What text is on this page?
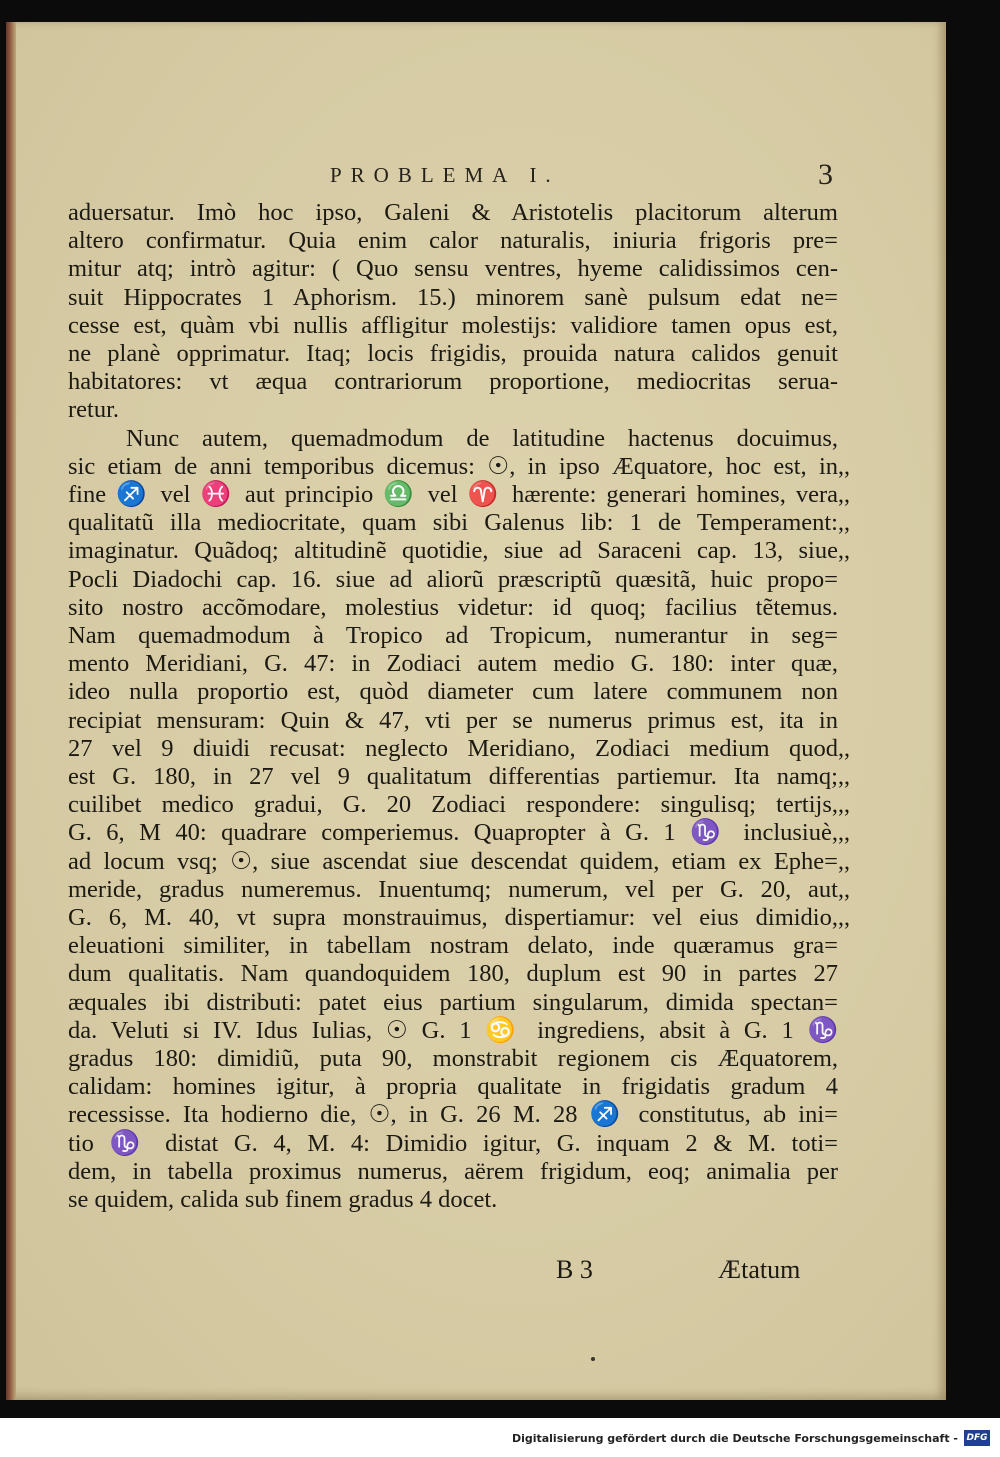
PROBLEMA I.	3
aduersatur. Imò hoc ipso, Galeni & Aristotelis placitorum alterum
altero confirmatur. Quia enim calor naturalis, iniuria frigoris pre=
mitur atq; intrò agitur: ( Quo sensu ventres, hyeme calidissimos cen-
suit Hippocrates 1 Aphorism. 15.) minorem sanè pulsum edat ne=
cesse est, quàm vbi nullis affligitur molestijs: validiore tamen opus est,
ne planè opprimatur. Itaq; locis frigidis, prouida natura calidos genuit
habitatores: vt æqua contrariorum proportione, mediocritas serua-
retur.
Nunc autem, quemadmodum de latitudine hactenus docuimus,
sic etiam de anni temporibus dicemus: ☉, in ipso Æquatore, hoc est, in ,,
fine ♐ vel ♓ aut principio ♎ vel ♈ hærente: generari homines, vera ,,
qualitatũ illa mediocritate, quam sibi Galenus lib: 1 de Temperament: ,,
imaginatur. Quãdoq; altitudinẽ quotidie, siue ad Saraceni cap. 13, siue ,,
Pocli Diadochi cap. 16. siue ad aliorũ præscriptũ quæsitã, huic propo=
sito nostro accõmodare, molestius videtur: id quoq; facilius tẽtemus.
Nam quemadmodum à Tropico ad Tropicum, numerantur in seg=
mento Meridiani, G. 47: in Zodiaci autem medio G. 180: inter quæ,
ideo nulla proportio est, quòd diameter cum latere communem non
recipiat mensuram: Quin & 47, vti per se numerus primus est, ita in
27 vel 9 diuidi recusat: neglecto Meridiano, Zodiaci medium quod ,,
est G. 180, in 27 vel 9 qualitatum differentias partiemur. Ita namq; ,,
cuilibet medico gradui, G. 20 Zodiaci respondere: singulisq; tertijs, ,,
G. 6, M 40: quadrare comperiemus. Quapropter à G. 1 ♑ inclusiuè, ,,
ad locum vsq; ☉, siue ascendat siue descendat quidem, etiam ex Ephe= ,,
meride, gradus numeremus. Inuentumq; numerum, vel per G. 20, aut ,,
G. 6, M. 40, vt supra monstrauimus, dispertiamur: vel eius dimidio, ,,
eleuationi similiter, in tabellam nostram delato, inde quæramus gra=
dum qualitatis. Nam quandoquidem 180, duplum est 90 in partes 27
æquales ibi distributi: patet eius partium singularum, dimida spectan=
da. Veluti si IV. Idus Iulias, ☉ G. 1 ♋ ingrediens, absit à G. 1 ♑
gradus 180: dimidiũ, puta 90, monstrabit regionem cis Æquatorem,
calidam: homines igitur, à propria qualitate in frigidatis gradum 4
recessisse. Ita hodierno die, ☉, in G. 26 M. 28 ♐ constitutus, ab ini=
tio ♑ distat G. 4, M. 4: Dimidio igitur, G. inquam 2 & M. toti=
dem, in tabella proximus numerus, aërem frigidum, eoq; animalia per
se quidem, calida sub finem gradus 4 docet.
B 3	Ætatum
Digitalisierung gefördert durch die Deutsche Forschungsgemeinschaft - DFG
